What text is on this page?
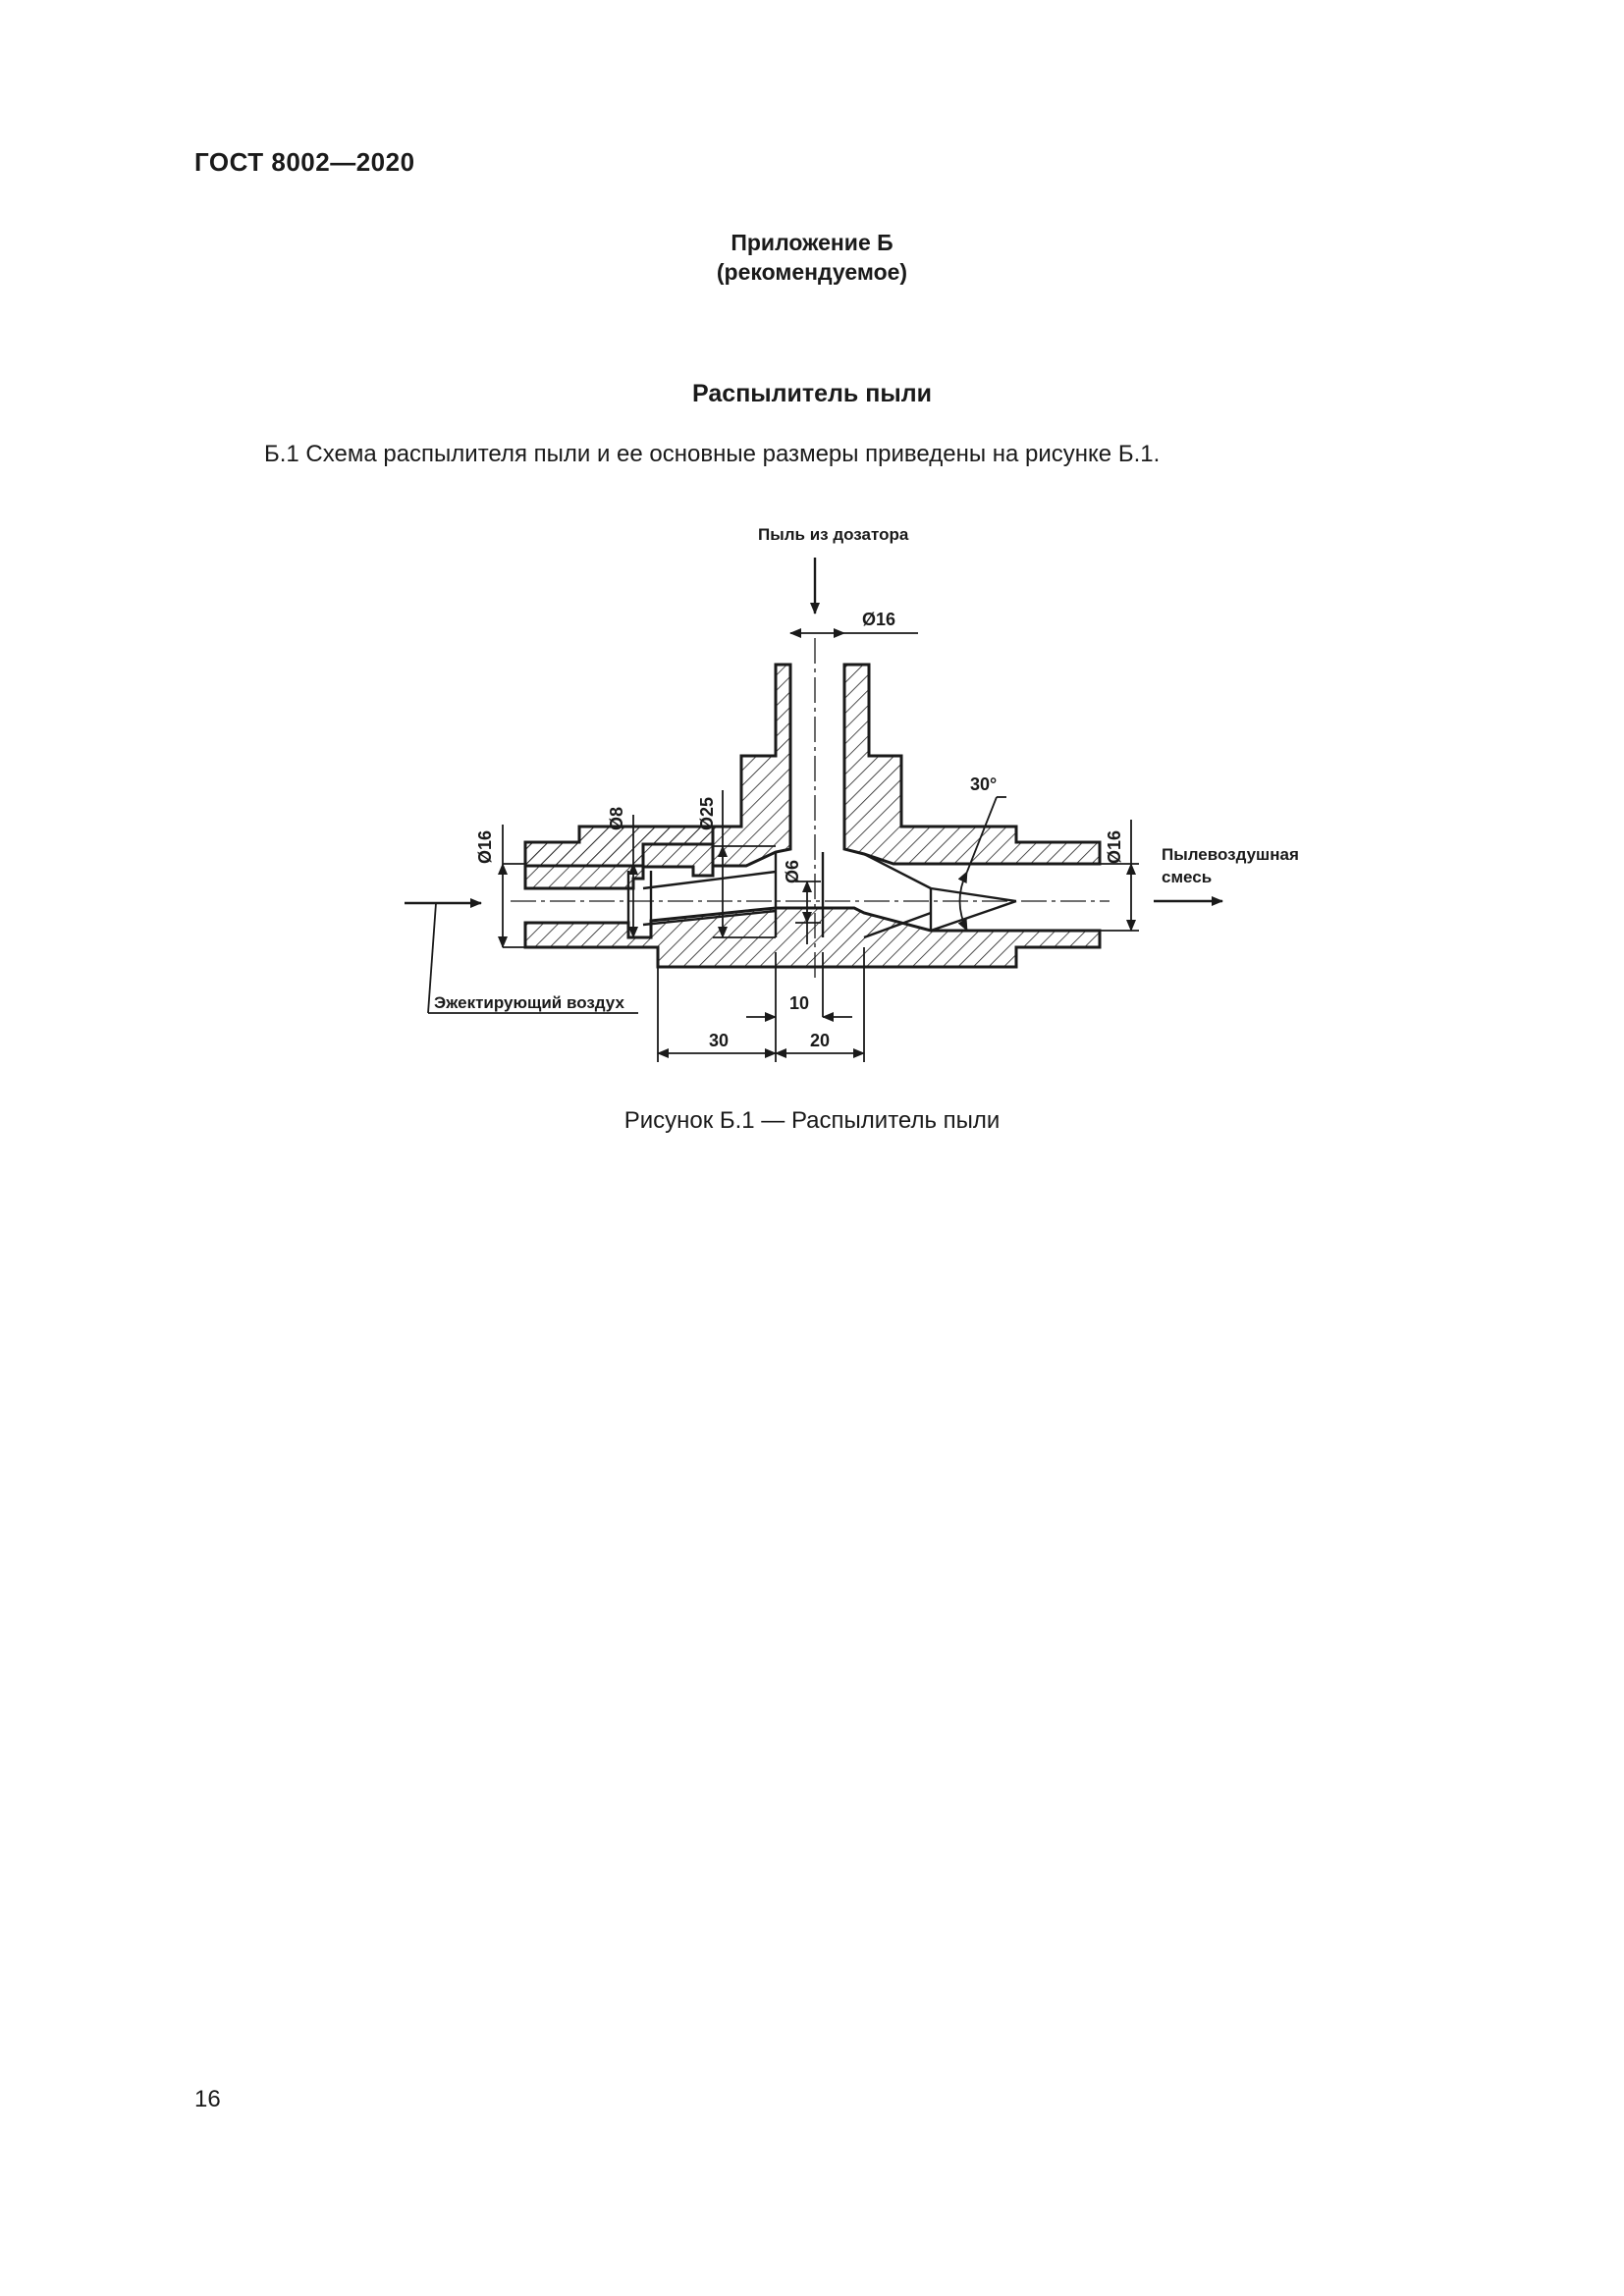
ГОСТ 8002—2020
Приложение Б
(рекомендуемое)
Распылитель пыли
Б.1 Схема распылителя пыли и ее основные размеры приведены на рисунке Б.1.
Пыль из дозатора
Ø16
Ø16
Ø8	Ø25
Ø6
30°
Ø16 Пылевоздушная
смесь
Эжектирующий воздух	10
30	20
Рисунок Б.1 — Распылитель пыли
16
